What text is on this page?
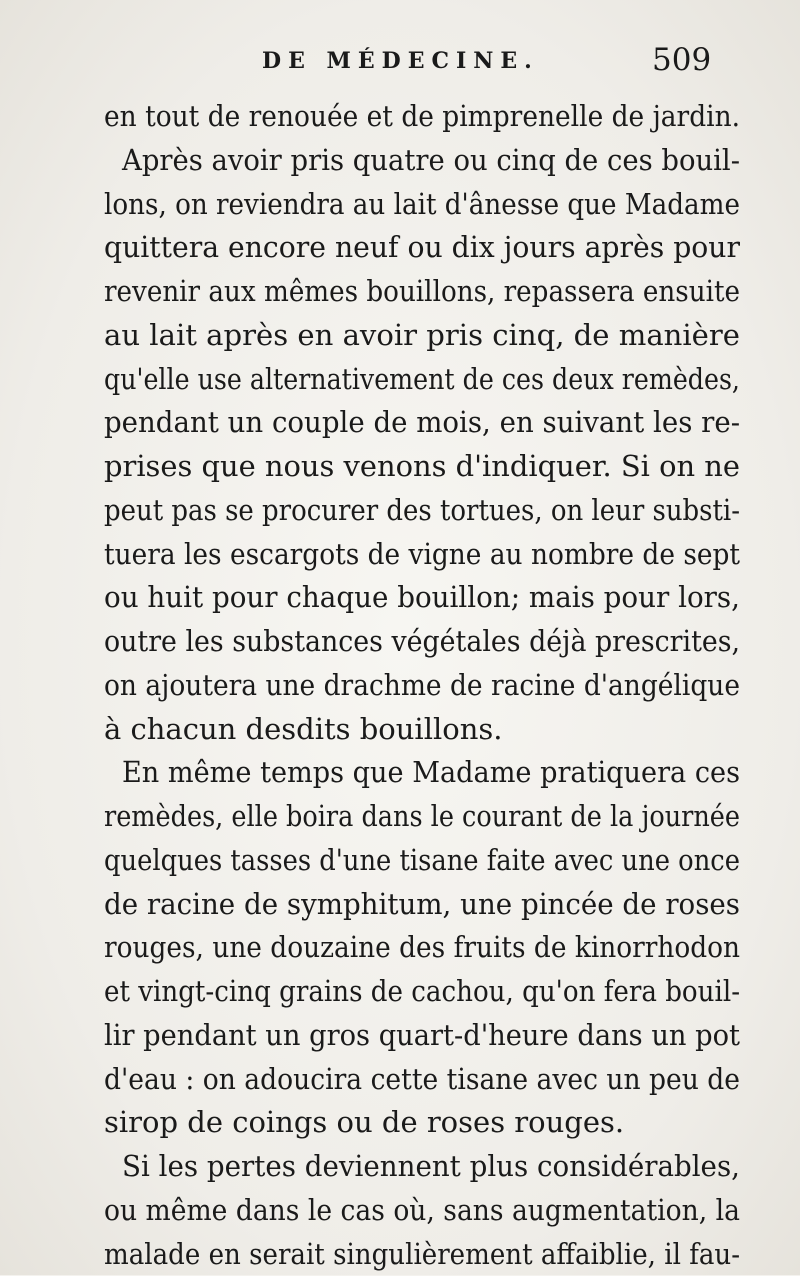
DE MÉDECINE.	509
en tout de renouée et de pimprenelle de jardin.
Après avoir pris quatre ou cinq de ces bouil-
lons, on reviendra au lait d'ânesse que Madame
quittera encore neuf ou dix jours après pour
revenir aux mêmes bouillons, repassera ensuite
au lait après en avoir pris cinq, de manière
qu'elle use alternativement de ces deux remèdes,
pendant un couple de mois, en suivant les re-
prises que nous venons d'indiquer. Si on ne
peut pas se procurer des tortues, on leur substi-
tuera les escargots de vigne au nombre de sept
ou huit pour chaque bouillon; mais pour lors,
outre les substances végétales déjà prescrites,
on ajoutera une drachme de racine d'angélique
à chacun desdits bouillons.
En même temps que Madame pratiquera ces
remèdes, elle boira dans le courant de la journée
quelques tasses d'une tisane faite avec une once
de racine de symphitum, une pincée de roses
rouges, une douzaine des fruits de kinorrhodon
et vingt-cinq grains de cachou, qu'on fera bouil-
lir pendant un gros quart-d'heure dans un pot
d'eau : on adoucira cette tisane avec un peu de
sirop de coings ou de roses rouges.
Si les pertes deviennent plus considérables,
ou même dans le cas où, sans augmentation, la
malade en serait singulièrement affaiblie, il fau-
